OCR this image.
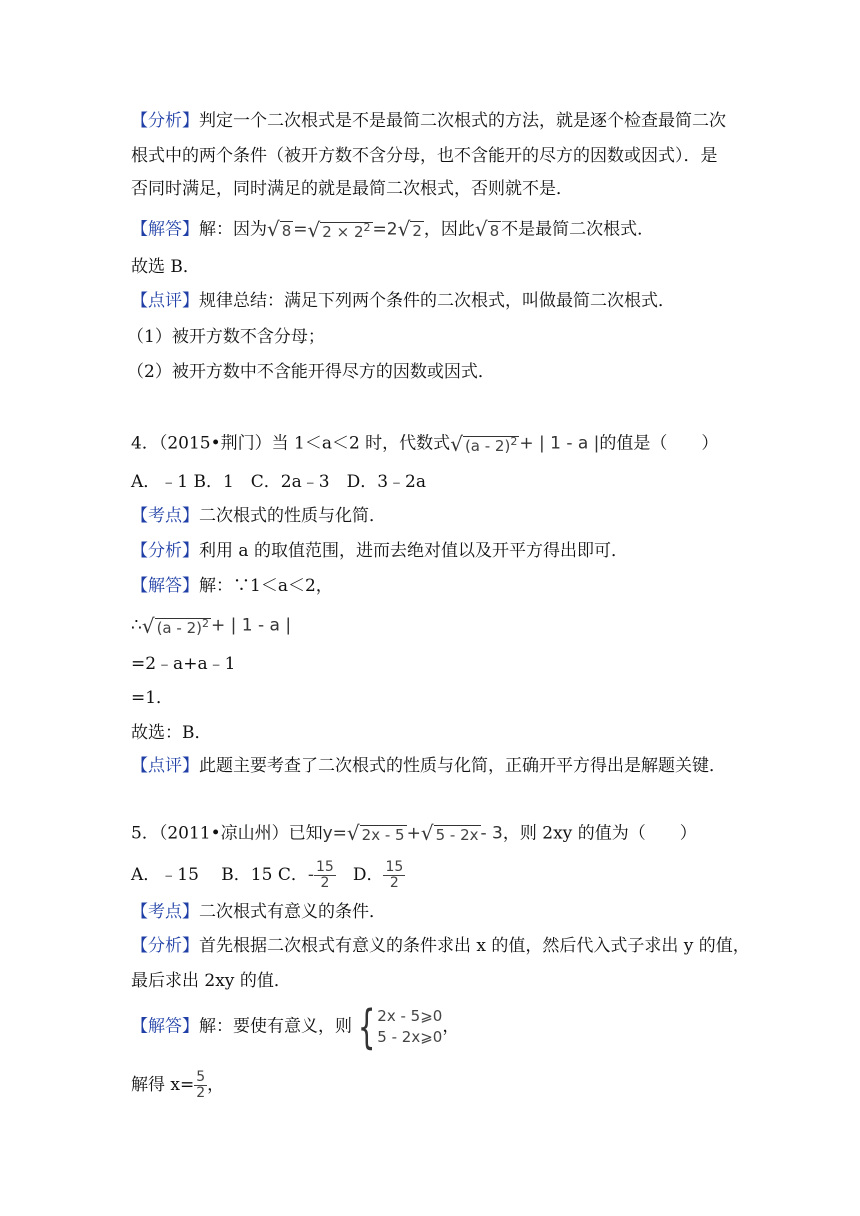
【分析】判定一个二次根式是不是最简二次根式的方法，就是逐个检查最简二次
根式中的两个条件（被开方数不含分母，也不含能开的尽方的因数或因式）．是
否同时满足，同时满足的就是最简二次根式，否则就不是．
【解答】解：因为√ 8 =√ $2 \times 2^2 =2√$ 2 ，因此√ 8 不是最简二次根式．
故选 B．
【点评】规律总结：满足下列两个条件的二次根式，叫做最简二次根式．
（1）被开方数不含分母；
（2）被开方数中不含能开得尽方的因数或因式．
4．（2015•荆门）当 1＜a＜2 时，代数式√ (a - 2)$^2$ + | 1 - a |的值是（　　）
A．﹣1 B．1　C．2a﹣3　D．3﹣2a
【考点】二次根式的性质与化简．
【分析】利用 a 的取值范围，进而去绝对值以及开平方得出即可．
【解答】解：∵1＜a＜2，
∴√ (a - 2)$^2$ + | 1 - a |
=2﹣a+a﹣1
=1．
故选：B．
【点评】此题主要考查了二次根式的性质与化简，正确开平方得出是解题关键．
5．（2011•凉山州）已知y=√ 2x - 5 +√ 5 - 2x - 3，则 2xy 的值为（　　）
A．﹣15　 B．15 C．- $\frac{15}{2}$ 　D． $\frac{15}{2}$
【考点】二次根式有意义的条件．
【分析】首先根据二次根式有意义的条件求出 x 的值，然后代入式子求出 y 的值，
最后求出 2xy 的值．
【解答】解：要使有意义，则 { 2x - 5⩾0
5 - 2x⩾0
，
解得 $x= \frac{5}{2}$ ，
